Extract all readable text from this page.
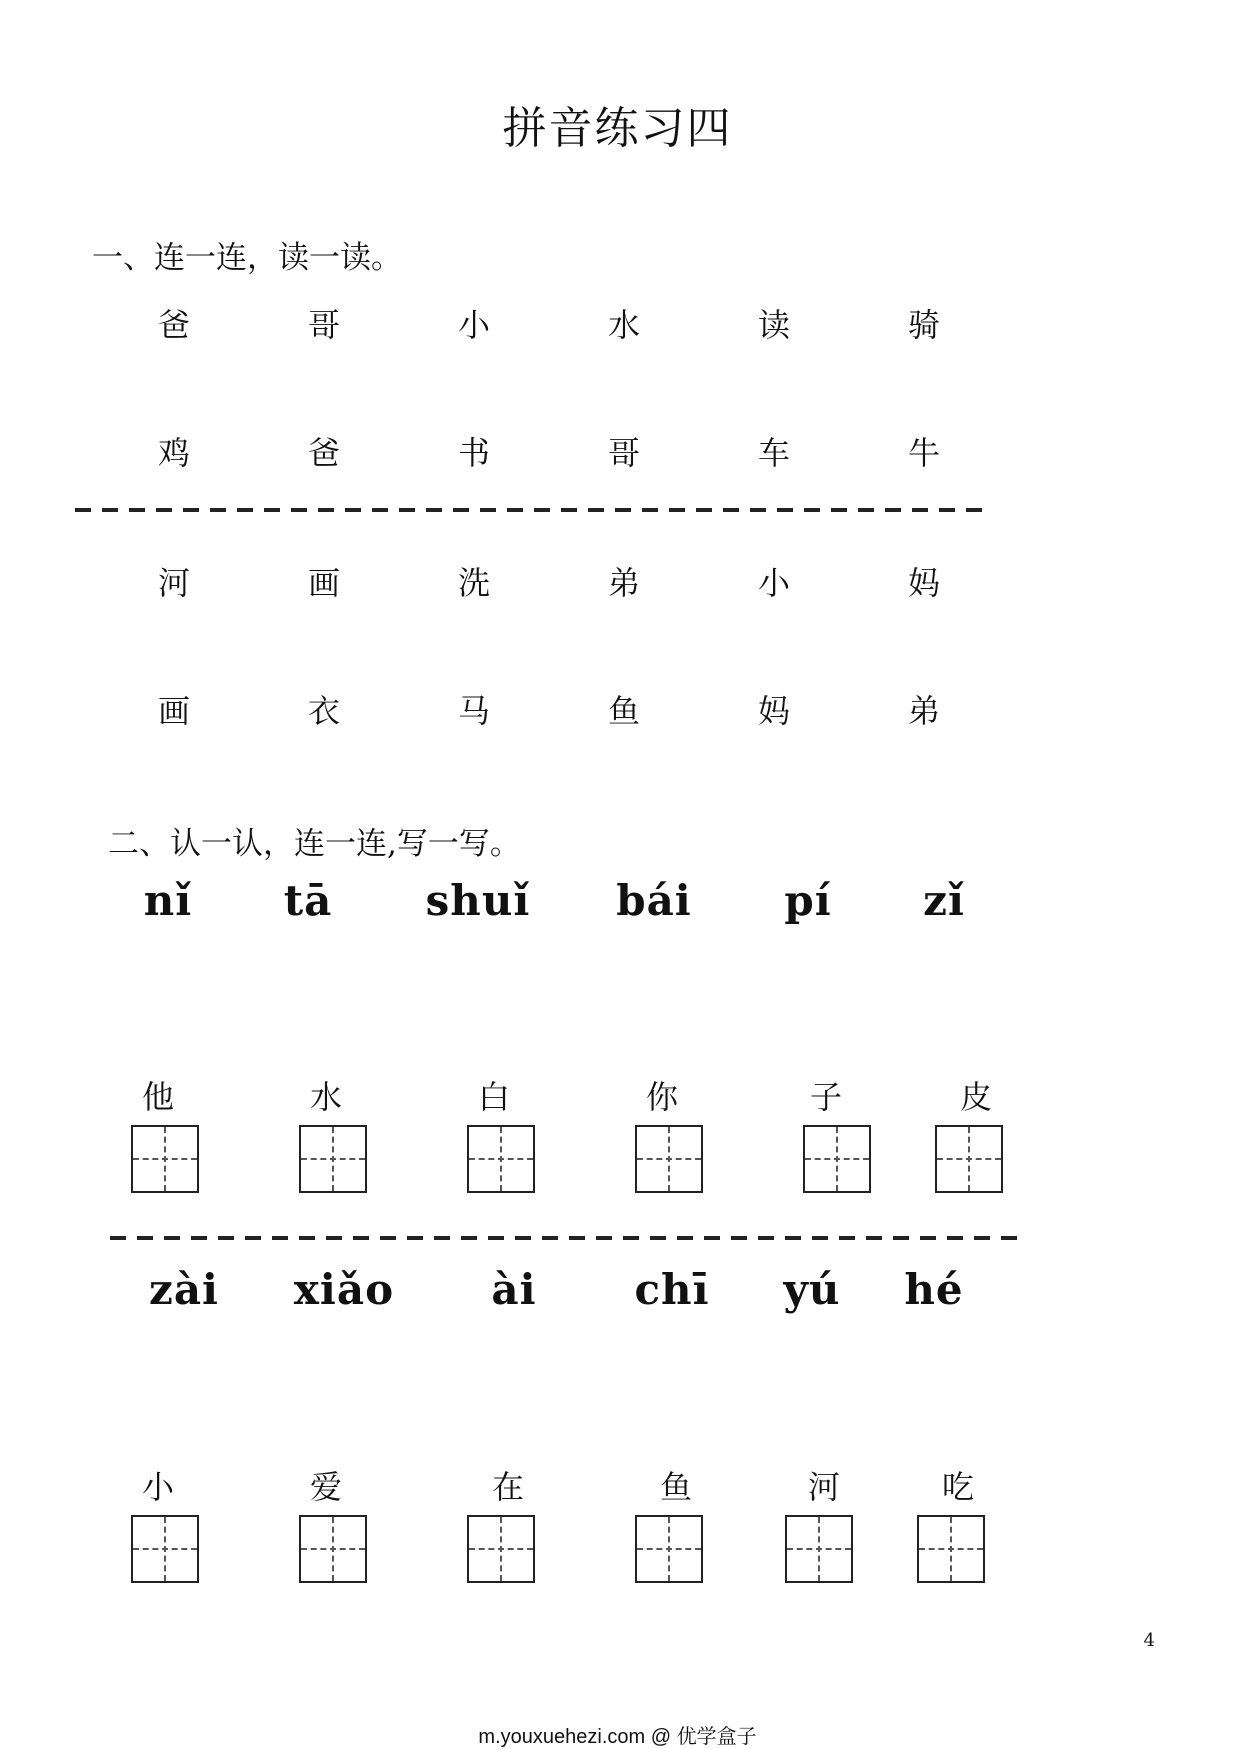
拼音练习四
一、连一连，读一读。
爸	哥	小	水	读	骑
鸡	爸	书	哥	车	牛
河	画	洗	弟	小	妈
画	衣	马	鱼	妈	弟
二、认一认，连一连,写一写。
nǐ	tā	shuǐ	bái	pí	zǐ
他	水	白	你	子	皮
zài	xiǎo	ài	chī	yú	hé
小	爱	在	鱼	河	吃
4
m.youxuehezi.com @ 优学盒子
